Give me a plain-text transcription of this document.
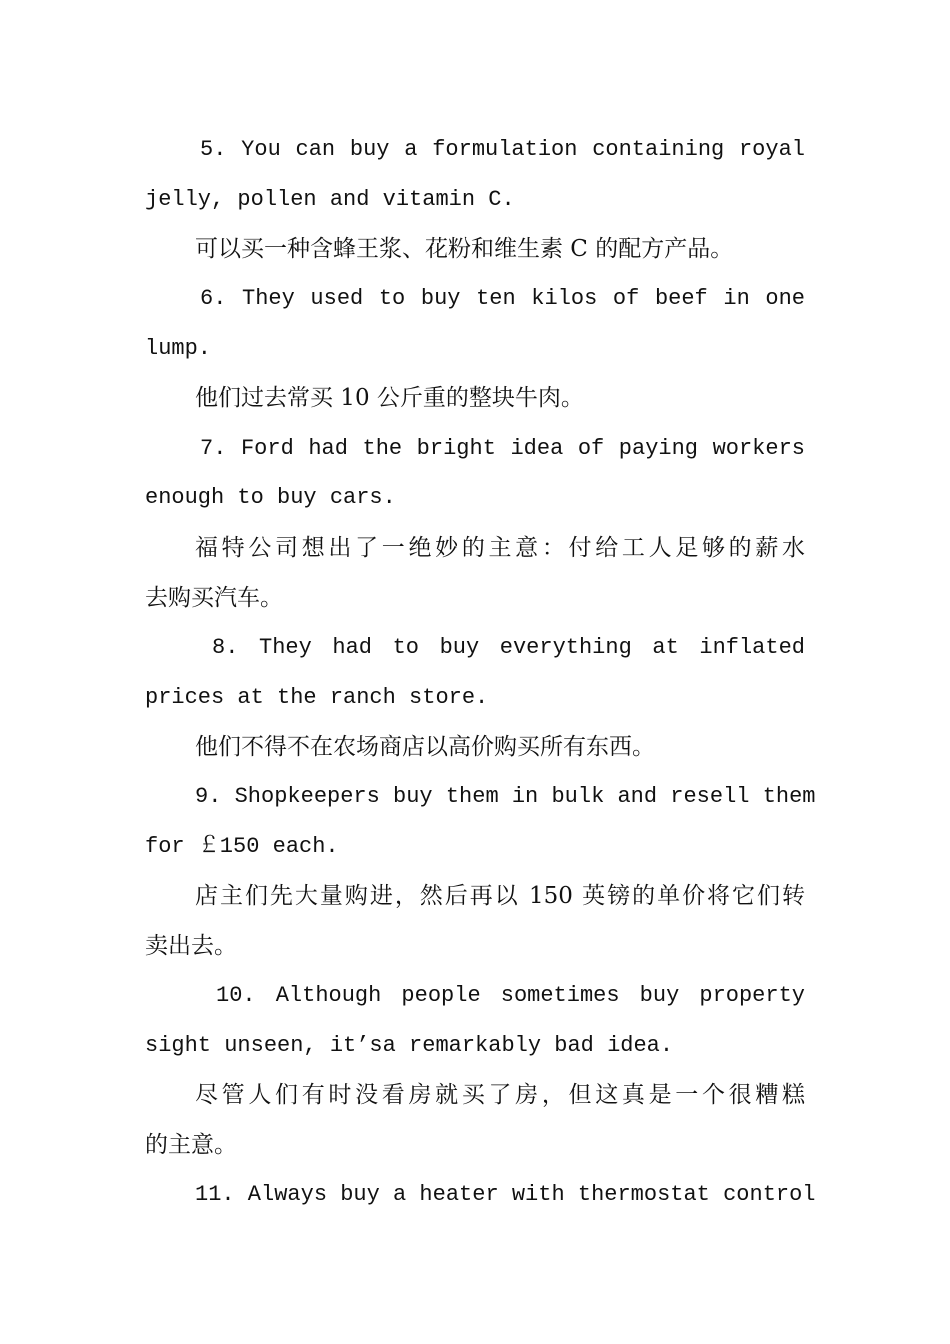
5. You can buy a formulation containing royal
jelly, pollen and vitamin C.
可以买一种含蜂王浆、花粉和维生素 C 的配方产品。
6. They used to buy ten kilos of beef in one
lump.
他们过去常买 10 公斤重的整块牛肉。
7. Ford had the bright idea of paying workers
enough to buy cars.
福特公司想出了一绝妙的主意：付给工人足够的薪水
去购买汽车。
8. They had to buy everything at inflated
prices at the ranch store.
他们不得不在农场商店以高价购买所有东西。
9. Shopkeepers buy them in bulk and resell them
for ￡150 each.
店主们先大量购进，然后再以 150 英镑的单价将它们转
卖出去。
10. Although people sometimes buy property
sight unseen, it’sa remarkably bad idea.
尽管人们有时没看房就买了房，但这真是一个很糟糕
的主意。
11. Always buy a heater with thermostat control
